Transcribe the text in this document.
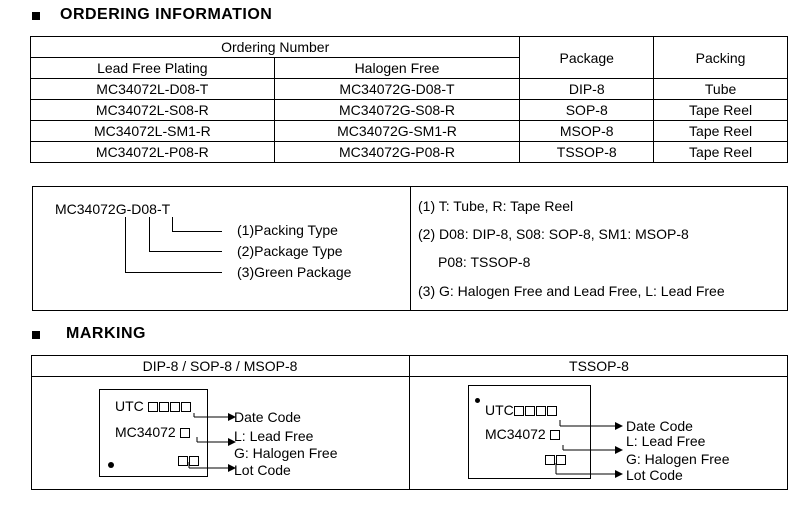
ORDERING INFORMATION
Ordering Number		Package	Packing
Lead Free Plating	Halogen Free		
MC34072L-D08-T	MC34072G-D08-T	DIP-8	Tube
MC34072L-S08-R	MC34072G-S08-R	SOP-8	Tape Reel
MC34072L-SM1-R	MC34072G-SM1-R	MSOP-8	Tape Reel
MC34072L-P08-R	MC34072G-P08-R	TSSOP-8	Tape Reel
MC34072G-D08-T
(1)Packing Type
(2)Package Type
(3)Green Package
(1) T: Tube, R: Tape Reel
(2) D08: DIP-8, S08: SOP-8, SM1: MSOP-8
P08: TSSOP-8
(3) G: Halogen Free and Lead Free, L: Lead Free
MARKING
DIP-8 / SOP-8 / MSOP-8	TSSOP-8
UTC
MC34072
Date Code
L: Lead Free
G: Halogen Free
Lot Code
UTC
MC34072	Date Code
L: Lead Free
G: Halogen Free
Lot Code
